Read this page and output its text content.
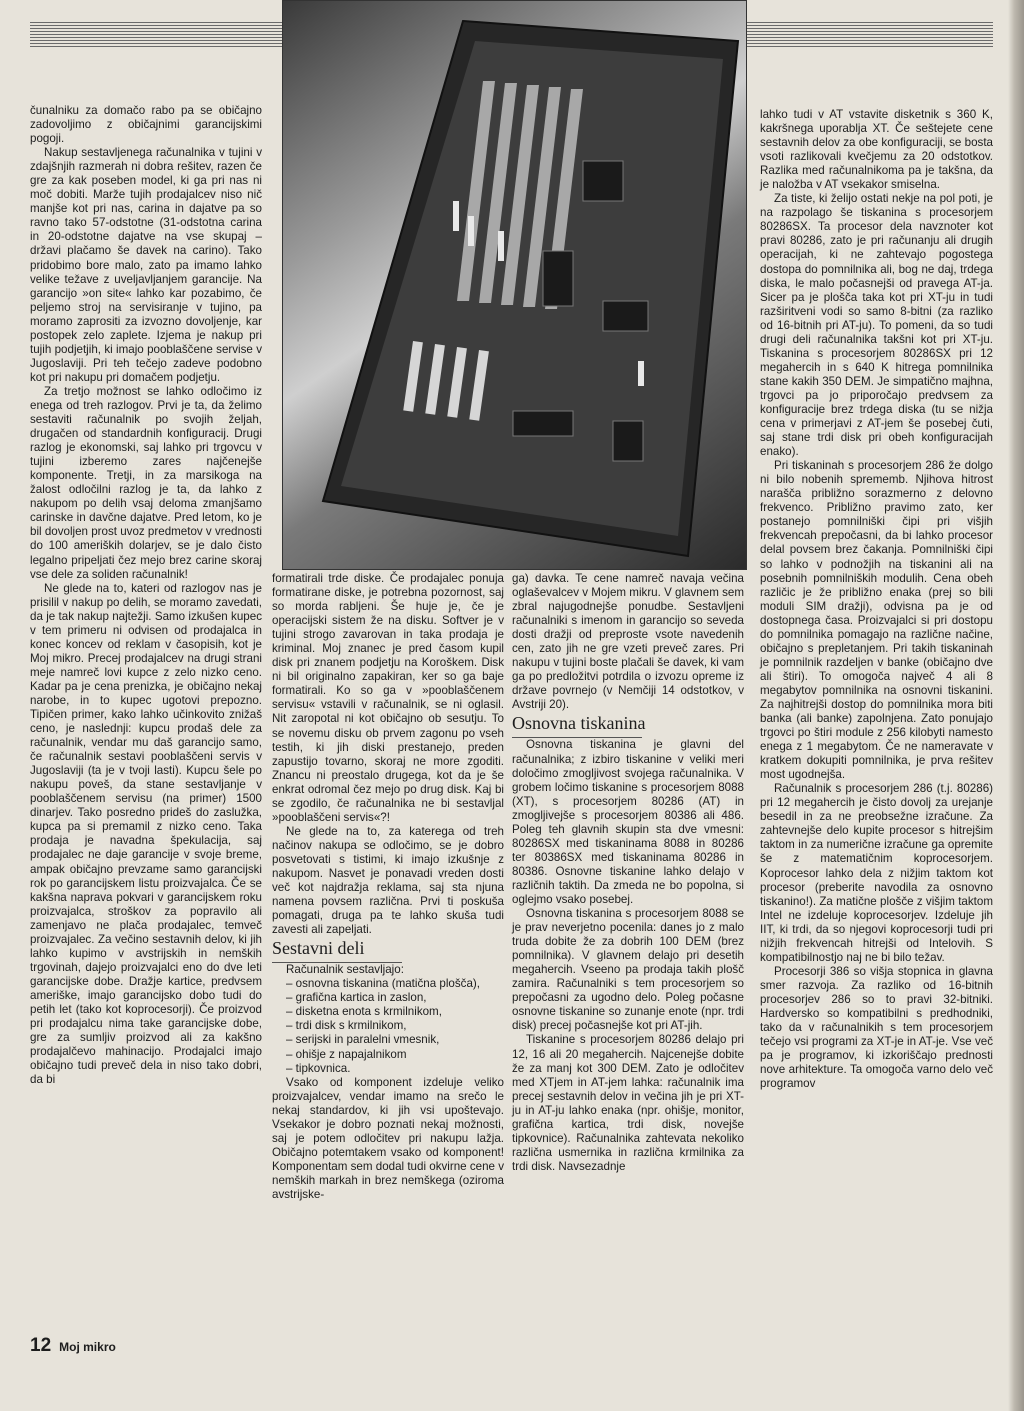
čunalniku za domačo rabo pa se običajno zadovoljimo z običajnimi garancijskimi pogoji.

Nakup sestavljenega računalnika v tujini v zdajšnjih razmerah ni dobra rešitev, razen če gre za kak poseben model, ki ga pri nas ni moč dobiti. Marže tujih prodajalcev niso nič manjše kot pri nas, carina in dajatve pa so ravno tako 57-odstotne (31-odstotna carina in 20-odstotne dajatve na vse skupaj – državi plačamo še davek na carino). Tako pridobimo bore malo, zato pa imamo lahko velike težave z uveljavljanjem garancije. Na garancijo »on site« lahko kar pozabimo, če peljemo stroj na servisiranje v tujino, pa moramo zaprositi za izvozno dovoljenje, kar postopek zelo zaplete. Izjema je nakup pri tujih podjetjih, ki imajo pooblaščene servise v Jugoslaviji. Pri teh tečejo zadeve podobno kot pri nakupu pri domačem podjetju.

Za tretjo možnost se lahko odločimo iz enega od treh razlogov. Prvi je ta, da želimo sestaviti računalnik po svojih željah, drugačen od standardnih konfiguracij. Drugi razlog je ekonomski, saj lahko pri trgovcu v tujini izberemo zares najčenejše komponente. Tretji, in za marsikoga na žalost odločilni razlog je ta, da lahko z nakupom po delih vsaj deloma zmanjšamo carinske in davčne dajatve. Pred letom, ko je bil dovoljen prost uvoz predmetov v vrednosti do 100 ameriških dolarjev, se je dalo čisto legalno pripeljati čez mejo brez carine skoraj vse dele za soliden računalnik!

Ne glede na to, kateri od razlogov nas je prisilil v nakup po delih, se moramo zavedati, da je tak nakup najtežji. Samo izkušen kupec v tem primeru ni odvisen od prodajalca in konec koncev od reklam v časopisih, kot je Moj mikro. Precej prodajalcev na drugi strani meje namreč lovi kupce z zelo nizko ceno. Kadar pa je cena prenizka, je običajno nekaj narobe, in to kupec ugotovi prepozno. Tipičen primer, kako lahko učinkovito znižaš ceno, je naslednji: kupcu prodaš dele za računalnik, vendar mu daš garancijo samo, če računalnik sestavi pooblaščeni servis v Jugoslaviji (ta je v tvoji lasti). Kupcu šele po nakupu poveš, da stane sestavljanje v pooblaščenem servisu (na primer) 1500 dinarjev. Tako posredno prideš do zaslužka, kupca pa si premamil z nizko ceno. Taka prodaja je navadna špekulacija, saj prodajalec ne daje garancije v svoje breme, ampak običajno prevzame samo garancijski rok po garancijskem listu proizvajalca. Če se kakšna naprava pokvari v garancijskem roku proizvajalca, stroškov za popravilo ali zamenjavo ne plača prodajalec, temveč proizvajalec. Za večino sestavnih delov, ki jih lahko kupimo v avstrijskih in nemških trgovinah, dajejo proizvajalci eno do dve leti garancijske dobe. Dražje kartice, predvsem ameriške, imajo garancijsko dobo tudi do petih let (tako kot koprocesorji). Če proizvod pri prodajalcu nima take garancijske dobe, gre za sumljiv proizvod ali za kakšno prodajalčevo mahinacijo. Prodajalci imajo običajno tudi preveč dela in niso tako dobri, da bi

formatirali trde diske. Če prodajalec ponuja formatirane diske, je potrebna pozornost, saj so morda rabljeni. Še huje je, če je operacijski sistem že na disku. Softver je v tujini strogo zavarovan in taka prodaja je kriminal. Moj znanec je pred časom kupil disk pri znanem podjetju na Koroškem. Disk ni bil originalno zapakiran, ker so ga baje formatirali. Ko so ga v »pooblaščenem servisu« vstavili v računalnik, se ni oglasil. Nit zaropotal ni kot običajno ob sesutju. To se novemu disku ob prvem zagonu po vseh testih, ki jih diski prestanejo, preden zapustijo tovarno, skoraj ne more zgoditi. Znancu ni preostalo drugega, kot da je še enkrat odromal čez mejo po drug disk. Kaj bi se zgodilo, če računalnika ne bi sestavljal »pooblaščeni servis«?!

Ne glede na to, za katerega od treh načinov nakupa se odločimo, se je dobro posvetovati s tistimi, ki imajo izkušnje z nakupom. Nasvet je ponavadi vreden dosti več kot najdražja reklama, saj sta njuna namena povsem različna. Prvi ti poskuša pomagati, druga pa te lahko skuša tudi zavesti ali zapeljati.

Sestavni deli

Računalnik sestavljajo:

– osnovna tiskanina (matična plošča),
– grafična kartica in zaslon,
– disketna enota s krmilnikom,
– trdi disk s krmilnikom,
– serijski in paralelni vmesnik,
– ohišje z napajalnikom
– tipkovnica.

Vsako od komponent izdeluje veliko proizvajalcev, vendar imamo na srečo le nekaj standardov, ki jih vsi upoštevajo. Vsekakor je dobro poznati nekaj možnosti, saj je potem odločitev pri nakupu lažja. Običajno potemtakem vsako od komponent! Komponentam sem dodal tudi okvirne cene v nemških markah in brez nemškega (oziroma avstrijske-

ga) davka. Te cene namreč navaja večina oglaševalcev v Mojem mikru. V glavnem sem zbral najugodnejše ponudbe. Sestavljeni računalniki s imenom in garancijo so seveda dosti dražji od preproste vsote navedenih cen, zato jih ne gre vzeti preveč zares. Pri nakupu v tujini boste plačali še davek, ki vam ga po predložitvi potrdila o izvozu opreme iz države povrnejo (v Nemčiji 14 odstotkov, v Avstriji 20).

Osnovna tiskanina

Osnovna tiskanina je glavni del računalnika; z izbiro tiskanine v veliki meri določimo zmogljivost svojega računalnika. V grobem ločimo tiskanine s procesorjem 8088 (XT), s procesorjem 80286 (AT) in zmogljivejše s procesorjem 80386 ali 486. Poleg teh glavnih skupin sta dve vmesni: 80286SX med tiskaninama 8088 in 80286 ter 80386SX med tiskaninama 80286 in 80386. Osnovne tiskanine lahko delajo v različnih taktih. Da zmeda ne bo popolna, si oglejmo vsako posebej.

Osnovna tiskanina s procesorjem 8088 se je prav neverjetno pocenila: danes jo z malo truda dobite že za dobrih 100 DEM (brez pomnilnika). V glavnem delajo pri desetih megahercih. Vseeno pa prodaja takih plošč zamira. Računalniki s tem procesorjem so prepočasni za ugodno delo. Poleg počasne osnovne tiskanine so zunanje enote (npr. trdi disk) precej počasnejše kot pri AT-jih.

Tiskanine s procesorjem 80286 delajo pri 12, 16 ali 20 megahercih. Najcenejše dobite že za manj kot 300 DEM. Zato je odločitev med XTjem in AT-jem lahka: računalnik ima precej sestavnih delov in večina jih je pri XT-ju in AT-ju lahko enaka (npr. ohišje, monitor, grafična kartica, trdi disk, novejše tipkovnice). Računalnika zahtevata nekoliko različna usmernika in različna krmilnika za trdi disk. Navsezadnje

lahko tudi v AT vstavite disketnik s 360 K, kakršnega uporablja XT. Če seštejete cene sestavnih delov za obe konfiguraciji, se bosta vsoti razlikovali kvečjemu za 20 odstotkov. Razlika med računalnikoma pa je takšna, da je naložba v AT vsekakor smiselna.

Za tiste, ki želijo ostati nekje na pol poti, je na razpolago še tiskanina s procesorjem 80286SX. Ta procesor dela navznoter kot pravi 80286, zato je pri računanju ali drugih operacijah, ki ne zahtevajo pogostega dostopa do pomnilnika ali, bog ne daj, trdega diska, le malo počasnejši od pravega AT-ja. Sicer pa je plošča taka kot pri XT-ju in tudi razširitveni vodi so samo 8-bitni (za razliko od 16-bitnih pri AT-ju). To pomeni, da so tudi drugi deli računalnika takšni kot pri XT-ju. Tiskanina s procesorjem 80286SX pri 12 megahercih in s 640 K hitrega pomnilnika stane kakih 350 DEM. Je simpatično majhna, trgovci pa jo priporočajo predvsem za konfiguracije brez trdega diska (tu se nižja cena v primerjavi z AT-jem še posebej čuti, saj stane trdi disk pri obeh konfiguracijah enako).

Pri tiskaninah s procesorjem 286 že dolgo ni bilo nobenih sprememb. Njihova hitrost narašča približno sorazmerno z delovno frekvenco. Približno pravimo zato, ker postanejo pomnilniški čipi pri višjih frekvencah prepočasni, da bi lahko procesor delal povsem brez čakanja. Pomnilniški čipi so lahko v podnožjih na tiskanini ali na posebnih pomnilniških modulih. Cena obeh različic je že približno enaka (prej so bili moduli SIM dražji), odvisna pa je od dostopnega časa. Proizvajalci si pri dostopu do pomnilnika pomagajo na različne načine, običajno s prepletanjem. Pri takih tiskaninah je pomnilnik razdeljen v banke (običajno dve ali štiri). To omogoča največ 4 ali 8 megabytov pomnilnika na osnovni tiskanini. Za najhitrejši dostop do pomnilnika mora biti banka (ali banke) zapolnjena. Zato ponujajo trgovci po štiri module z 256 kilobyti namesto enega z 1 megabytom. Če ne nameravate v kratkem dokupiti pomnilnika, je prva rešitev most ugodnejša.

Računalnik s procesorjem 286 (t.j. 80286) pri 12 megahercih je čisto dovolj za urejanje besedil in za ne preobsežne izračune. Za zahtevnejše delo kupite procesor s hitrejšim taktom in za numerične izračune ga opremite še z matematičnim koprocesorjem. Koprocesor lahko dela z nižjim taktom kot procesor (preberite navodila za osnovno tiskanino!). Za matične plošče z višjim taktom Intel ne izdeluje koprocesorjev. Izdeluje jih IIT, ki trdi, da so njegovi koprocesorji tudi pri nižjih frekvencah hitrejši od Intelovih. S kompatibilnostjo naj ne bi bilo težav.

Procesorji 386 so višja stopnica in glavna smer razvoja. Za razliko od 16-bitnih procesorjev 286 so to pravi 32-bitniki. Hardversko so kompatibilni s predhodniki, tako da v računalnikih s tem procesorjem tečejo vsi programi za XT-je in AT-je. Vse več pa je programov, ki izkoriščajo prednosti nove arhitekture. Ta omogoča varno delo več programov

12 Moj mikro
